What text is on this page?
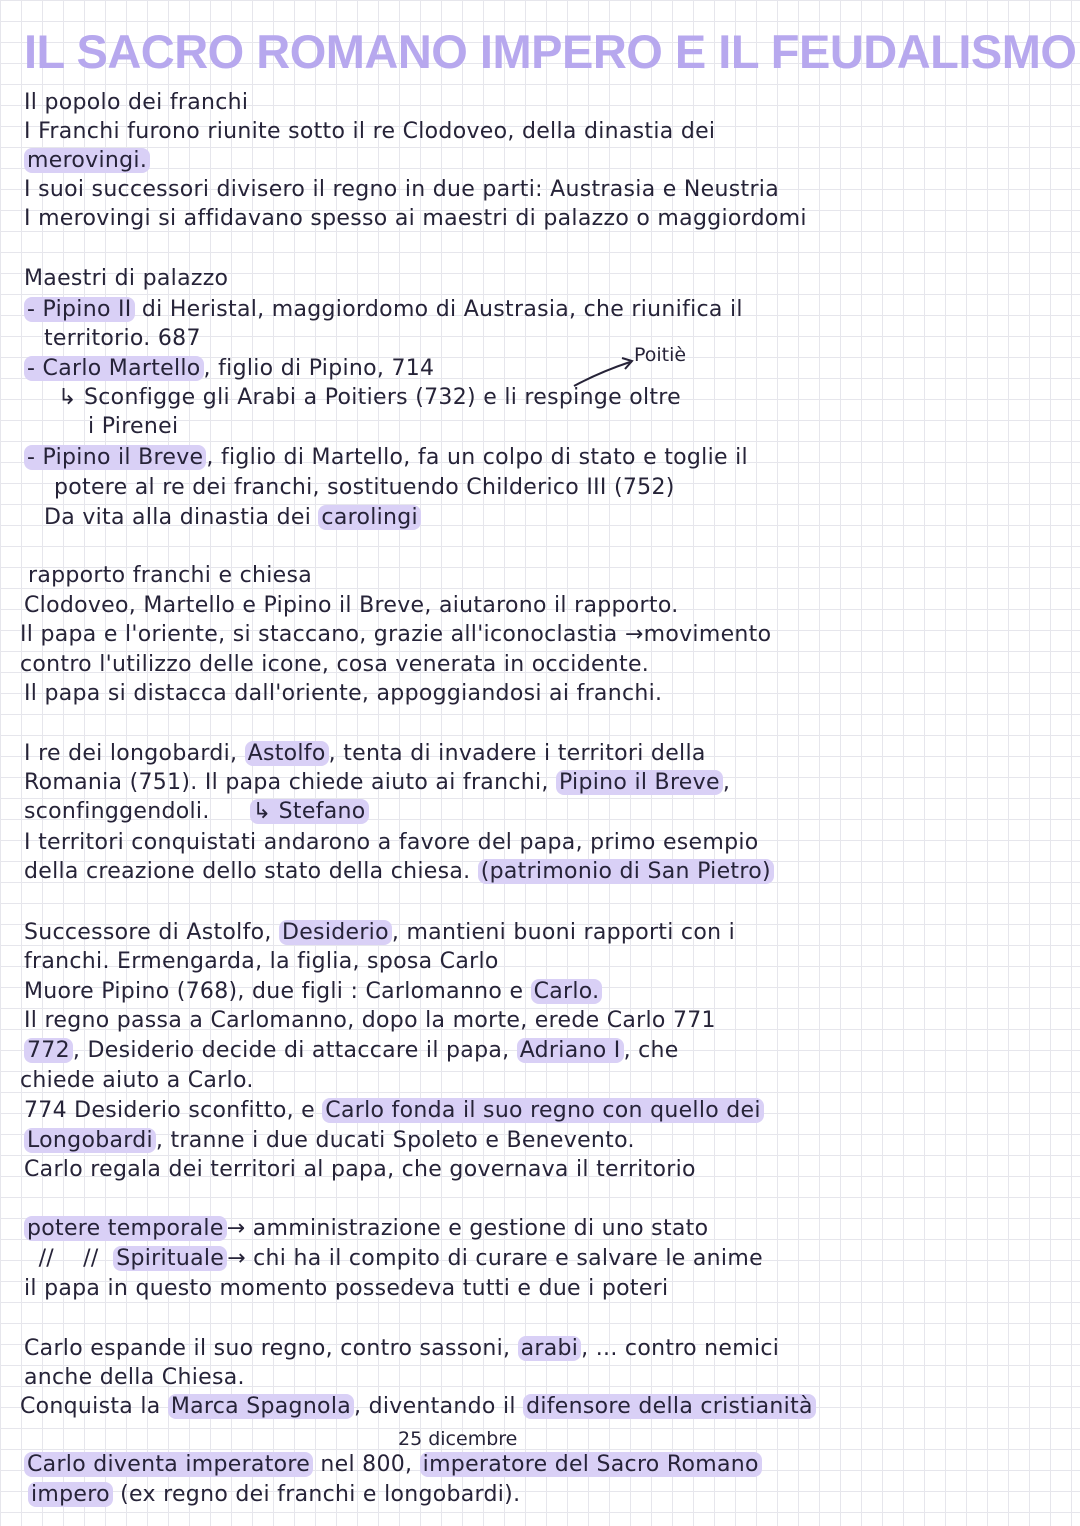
IL SACRO ROMANO IMPERO E IL FEUDALISMO
Il popolo dei franchi
I Franchi furono riunite sotto il re Clodoveo, della dinastia dei
merovingi.
I suoi successori divisero il regno in due parti: Austrasia e Neustria
I merovingi si affidavano spesso ai maestri di palazzo o maggiordomi
Maestri di palazzo
- Pipino II di Heristal, maggiordomo di Austrasia, che riunifica il
territorio. 687
- Carlo Martello , figlio di Pipino, 714
Poitiè
↳ Sconfigge gli Arabi a Poitiers (732) e li respinge oltre
i Pirenei
- Pipino il Breve , figlio di Martello, fa un colpo di stato e toglie il
potere al re dei franchi, sostituendo Childerico III (752)
Da vita alla dinastia dei carolingi
rapporto franchi e chiesa
Clodoveo, Martello e Pipino il Breve, aiutarono il rapporto.
Il papa e l'oriente, si staccano, grazie all'iconoclastia →movimento
contro l'utilizzo delle icone, cosa venerata in occidente.
Il papa si distacca dall'oriente, appoggiandosi ai franchi.
I re dei longobardi, Astolfo , tenta di invadere i territori della
Romania (751). Il papa chiede aiuto ai franchi, Pipino il Breve ,
sconfinggendoli. ↳ Stefano
I territori conquistati andarono a favore del papa, primo esempio
della creazione dello stato della chiesa. (patrimonio di San Pietro)
Successore di Astolfo, Desiderio , mantieni buoni rapporti con i
franchi. Ermengarda, la figlia, sposa Carlo
Muore Pipino (768), due figli : Carlomanno e Carlo.
Il regno passa a Carlomanno, dopo la morte, erede Carlo 771
772 , Desiderio decide di attaccare il papa, Adriano I , che
chiede aiuto a Carlo.
774 Desiderio sconfitto, e Carlo fonda il suo regno con quello dei
Longobardi , tranne i due ducati Spoleto e Benevento.
Carlo regala dei territori al papa, che governava il territorio
potere temporale → amministrazione e gestione di uno stato
//    //  Spirituale → chi ha il compito di curare e salvare le anime
il papa in questo momento possedeva tutti e due i poteri
Carlo espande il suo regno, contro sassoni, arabi , ... contro nemici
anche della Chiesa.
Conquista la Marca Spagnola , diventando il difensore della cristianità
25 dicembre
Carlo diventa imperatore nel 800, imperatore del Sacro Romano
impero (ex regno dei franchi e longobardi).
